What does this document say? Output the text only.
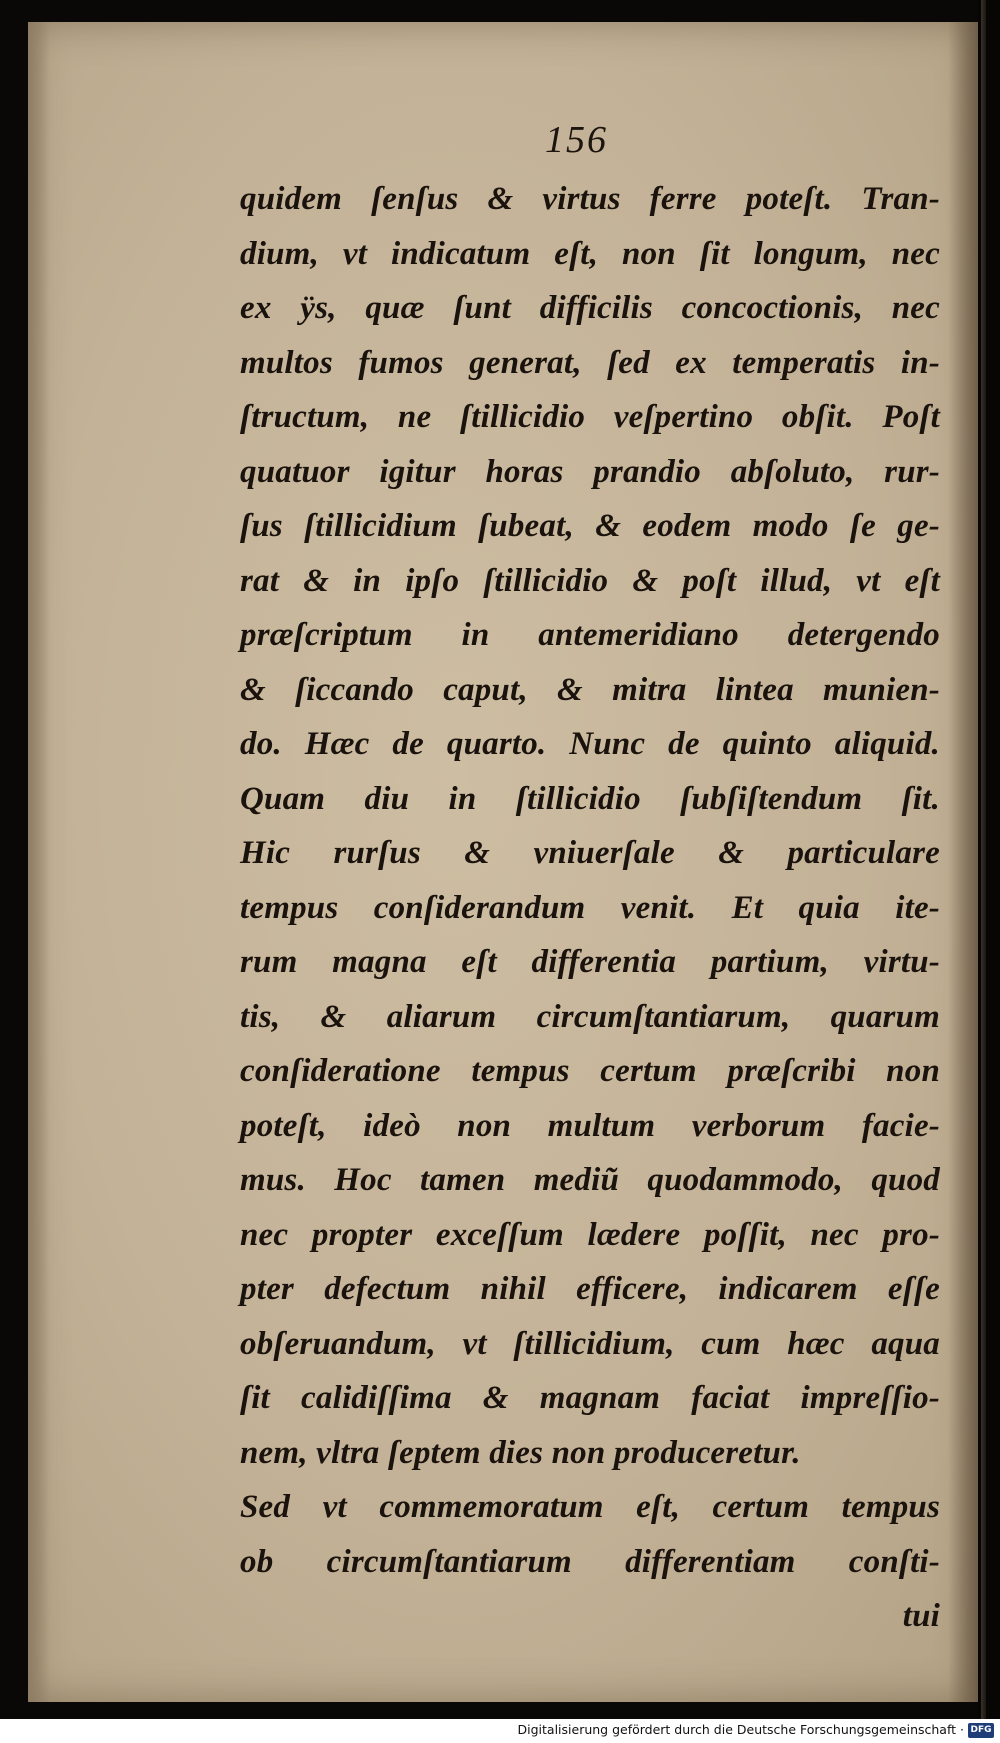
156
quidem ſenſus & virtus ferre poteſt. Tran-
dium, vt indicatum eſt, non ſit longum, nec
ex ÿs, quæ ſunt difficilis concoctionis, nec
multos fumos generat, ſed ex temperatis in-
ſtructum, ne ſtillicidio veſpertino obſit. Poſt
quatuor igitur horas prandio abſoluto, rur-
ſus ſtillicidium ſubeat, & eodem modo ſe ge-
rat & in ipſo ſtillicidio & poſt illud, vt eſt
præſcriptum in antemeridiano detergendo
& ſiccando caput, & mitra lintea munien-
do. Hæc de quarto. Nunc de quinto aliquid.
Quam diu in ſtillicidio ſubſiſtendum ſit.
Hic rurſus & vniuerſale & particulare
tempus conſiderandum venit. Et quia ite-
rum magna eſt differentia partium, virtu-
tis, & aliarum circumſtantiarum, quarum
conſideratione tempus certum præſcribi non
poteſt, ideò non multum verborum facie-
mus. Hoc tamen mediũ quodammodo, quod
nec propter exceſſum lædere poſſit, nec pro-
pter defectum nihil efficere, indicarem eſſe
obſeruandum, vt ſtillicidium, cum hæc aqua
ſit calidiſſima & magnam faciat impreſſio-
nem, vltra ſeptem dies non produceretur.
Sed vt commemoratum eſt, certum tempus
ob circumſtantiarum differentiam conſti-
tui
Digitalisierung gefördert durch die Deutsche Forschungsgemeinschaft · DFG
